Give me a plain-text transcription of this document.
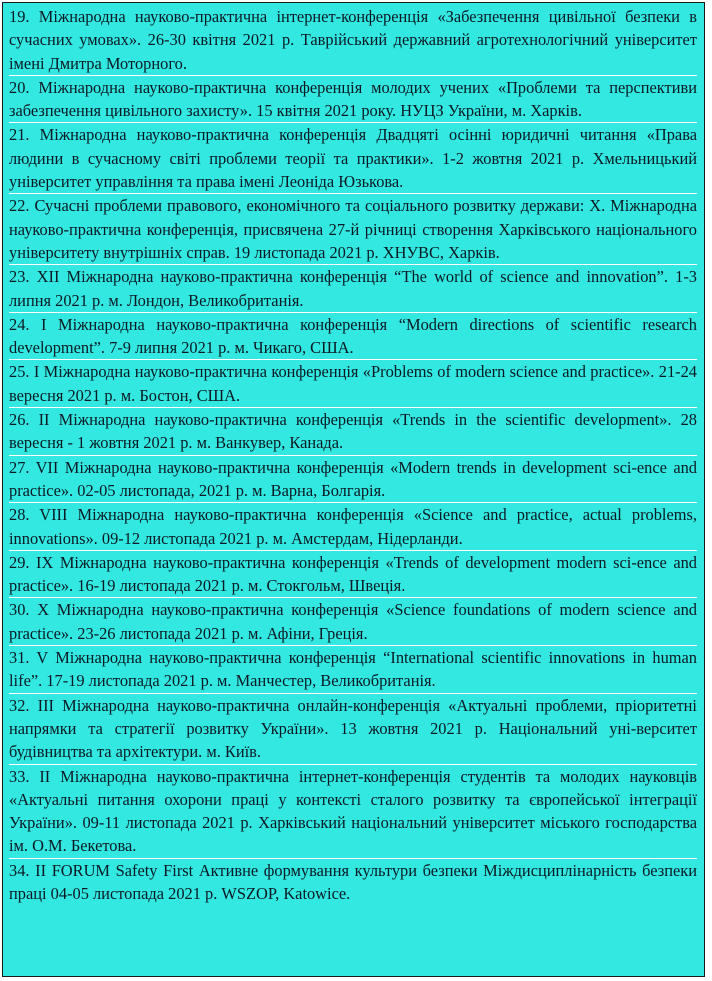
19. Міжнародна науково-практична інтернет-конференція «Забезпечення цивільної безпеки в сучасних умовах». 26-30 квітня 2021 р. Таврійський державний агротехнологічний університет імені Дмитра Моторного.

20. Міжнародна науково-практична конференція молодих учених «Проблеми та перспективи забезпечення цивільного захисту». 15 квітня 2021 року. НУЦЗ України, м. Харків.

21. Міжнародна науково-практична конференція Двадцяті осінні юридичні читання «Права людини в сучасному світі проблеми теорії та практики». 1-2 жовтня 2021 р. Хмельницький університет управління та права імені Леоніда Юзькова.

22. Сучасні проблеми правового, економічного та соціального розвитку держави: X. Міжнародна науково-практична конференція, присвячена 27-й річниці створення Харківського національного університету внутрішніх справ. 19 листопада 2021 р. ХНУВС, Харків.

23. XII Міжнародна науково-практична конференція “The world of science and innovation”. 1-3 липня 2021 р. м. Лондон, Великобританія.

24. I Міжнародна науково-практична конференція “Modern directions of scientific research development”. 7-9 липня 2021 р. м. Чикаго, США.

25. I Міжнародна науково-практична конференція «Problems of modern science and practice». 21-24 вересня 2021 р. м. Бостон, США.

26. II Міжнародна науково-практична конференція «Trends in the scientific development». 28 вересня - 1 жовтня 2021 р. м. Ванкувер, Канада.

27. VII Міжнародна науково-практична конференція «Modern trends in development sci-ence and practice». 02-05 листопада, 2021 р. м. Варна, Болгарія.

28. VIII Міжнародна науково-практична конференція «Science and practice, actual problems, innovations». 09-12 листопада 2021 р. м. Амстердам, Нідерланди.

29. IX Міжнародна науково-практична конференція «Trends of development modern sci-ence and practice». 16-19 листопада 2021 р. м. Стокгольм, Швеція.

30. X Міжнародна науково-практична конференція «Science foundations of modern science and practice». 23-26 листопада 2021 р. м. Афіни, Греція.

31. V Міжнародна науково-практична конференція “International scientific innovations in human life”. 17-19 листопада 2021 р. м. Манчестер, Великобританія.

32. III Міжнародна науково-практична онлайн-конференція «Актуальні проблеми, пріоритетні напрямки та стратегії розвитку України». 13 жовтня 2021 р. Національний уні-верситет будівництва та архітектури. м. Київ.

33. II Міжнародна науково-практична інтернет-конференція студентів та молодих науковців «Актуальні питання охорони праці у контексті сталого розвитку та європейської інтеграції України». 09-11 листопада 2021 р. Харківський національний університет міського господарства ім. О.М. Бекетова.

34. II FORUM Safety First Активне формування культури безпеки Міждисциплінарність безпеки праці 04-05 листопада 2021 р. WSZOP, Katowice.
